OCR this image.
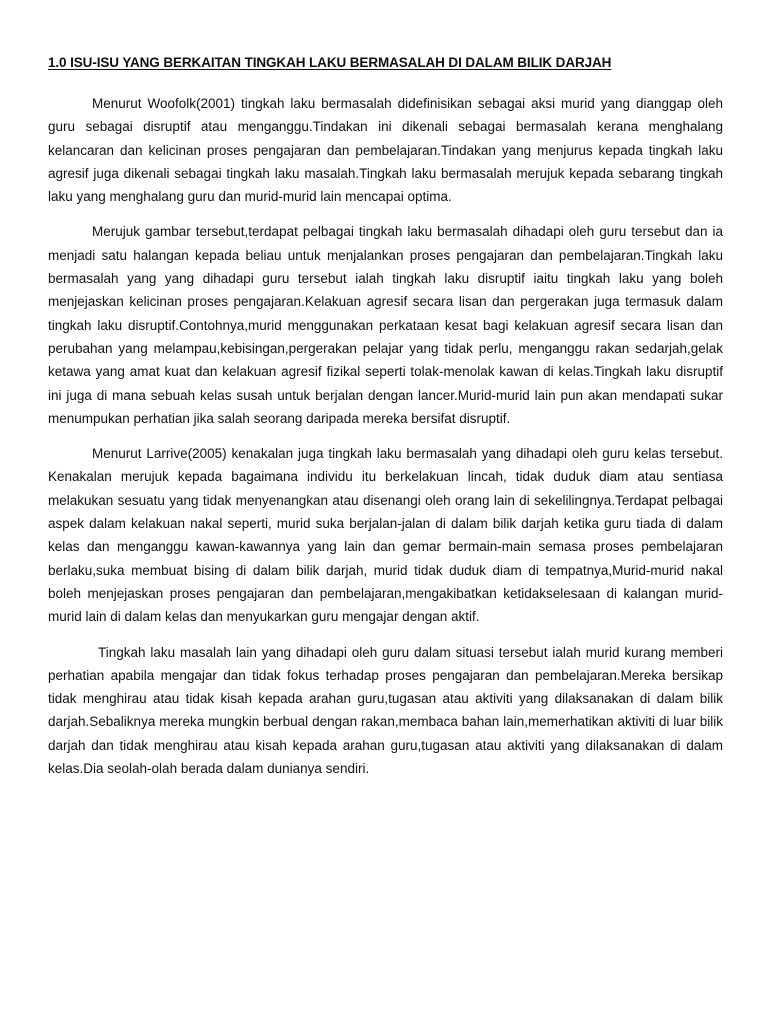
1.0 ISU-ISU YANG BERKAITAN TINGKAH LAKU BERMASALAH DI DALAM BILIK DARJAH

Menurut Woofolk(2001) tingkah laku bermasalah didefinisikan sebagai aksi murid yang dianggap oleh guru sebagai disruptif atau menganggu.Tindakan ini dikenali sebagai bermasalah kerana menghalang kelancaran dan kelicinan proses pengajaran dan pembelajaran.Tindakan yang menjurus kepada tingkah laku agresif juga dikenali sebagai tingkah laku masalah.Tingkah laku bermasalah merujuk kepada sebarang tingkah laku yang menghalang guru dan murid-murid lain mencapai optima.

Merujuk gambar tersebut,terdapat pelbagai tingkah laku bermasalah dihadapi oleh guru tersebut dan ia menjadi satu halangan kepada beliau untuk menjalankan proses pengajaran dan pembelajaran.Tingkah laku bermasalah yang yang dihadapi guru tersebut ialah tingkah laku disruptif iaitu tingkah laku yang boleh menjejaskan kelicinan proses pengajaran.Kelakuan agresif secara lisan dan pergerakan juga termasuk dalam tingkah laku disruptif.Contohnya,murid menggunakan perkataan kesat bagi kelakuan agresif secara lisan dan perubahan yang melampau,kebisingan,pergerakan pelajar yang tidak perlu, menganggu rakan sedarjah,gelak ketawa yang amat kuat dan kelakuan agresif fizikal seperti tolak-menolak kawan di kelas.Tingkah laku disruptif ini juga di mana sebuah kelas susah untuk berjalan dengan lancer.Murid-murid lain pun akan mendapati sukar menumpukan perhatian jika salah seorang daripada mereka bersifat disruptif.

Menurut Larrive(2005) kenakalan juga tingkah laku bermasalah yang dihadapi oleh guru kelas tersebut. Kenakalan merujuk kepada bagaimana individu itu berkelakuan lincah, tidak duduk diam atau sentiasa melakukan sesuatu yang tidak menyenangkan atau disenangi oleh orang lain di sekelilingnya.Terdapat pelbagai aspek dalam kelakuan nakal seperti, murid suka berjalan-jalan di dalam bilik darjah ketika guru tiada di dalam kelas dan menganggu kawan-kawannya yang lain dan gemar bermain-main semasa proses pembelajaran berlaku,suka membuat bising di dalam bilik darjah, murid tidak duduk diam di tempatnya,Murid-murid nakal boleh menjejaskan proses pengajaran dan pembelajaran,mengakibatkan ketidakselesaan di kalangan murid-murid lain di dalam kelas dan menyukarkan guru mengajar dengan aktif.

Tingkah laku masalah lain yang dihadapi oleh guru dalam situasi tersebut ialah murid kurang memberi perhatian apabila mengajar dan tidak fokus terhadap proses pengajaran dan pembelajaran.Mereka bersikap tidak menghirau atau tidak kisah kepada arahan guru,tugasan atau aktiviti yang dilaksanakan di dalam bilik darjah.Sebaliknya mereka mungkin berbual dengan rakan,membaca bahan lain,memerhatikan aktiviti di luar bilik darjah dan tidak menghirau atau kisah kepada arahan guru,tugasan atau aktiviti yang dilaksanakan di dalam kelas.Dia seolah-olah berada dalam dunianya sendiri.
